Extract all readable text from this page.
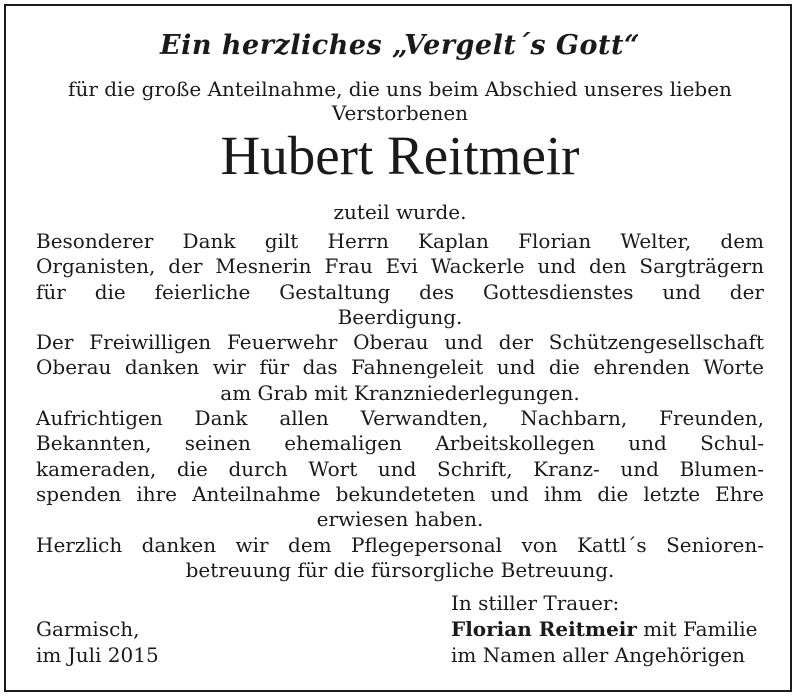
Ein herzliches „Vergelt´s Gott“
für die große Anteilnahme, die uns beim Abschied unseres lieben
Verstorbenen
Hubert Reitmeir
zuteil wurde.
Besonderer Dank gilt Herrn Kaplan Florian Welter, dem
Organisten, der Mesnerin Frau Evi Wackerle und den Sargträgern
für die feierliche Gestaltung des Gottesdienstes und der
Beerdigung.
Der Freiwilligen Feuerwehr Oberau und der Schützengesellschaft
Oberau danken wir für das Fahnengeleit und die ehrenden Worte
am Grab mit Kranzniederlegungen.
Aufrichtigen Dank allen Verwandten, Nachbarn, Freunden,
Bekannten, seinen ehemaligen Arbeitskollegen und Schul-
kameraden, die durch Wort und Schrift, Kranz- und Blumen-
spenden ihre Anteilnahme bekundeteten und ihm die letzte Ehre
erwiesen haben.
Herzlich danken wir dem Pflegepersonal von Kattl´s Senioren-
betreuung für die fürsorgliche Betreuung.
Garmisch,
im Juli 2015
In stiller Trauer:
Florian Reitmeir mit Familie
im Namen aller Angehörigen
